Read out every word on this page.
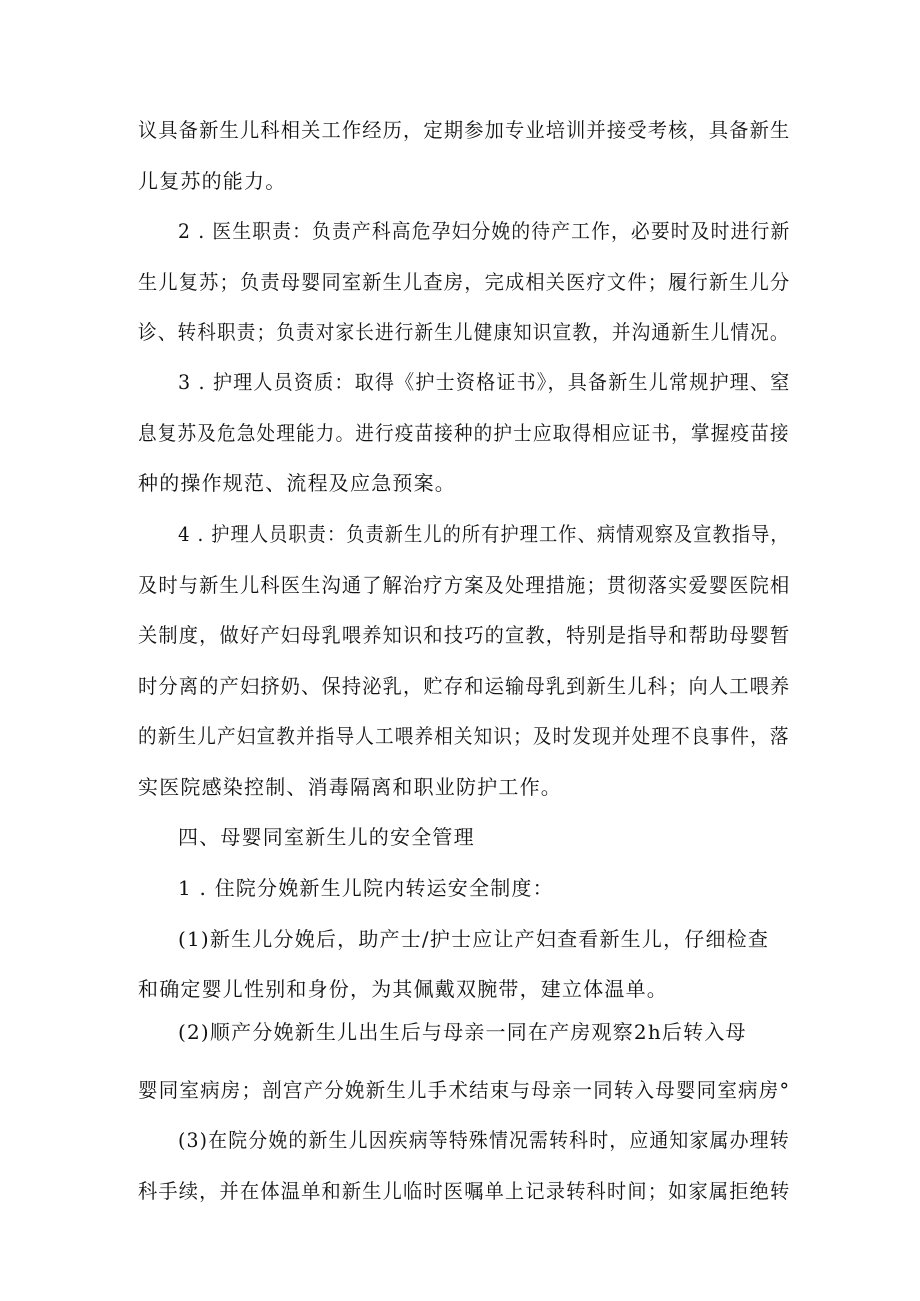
议具备新生儿科相关工作经历，定期参加专业培训并接受考核，具备新生
儿复苏的能力。
2 . 医生职责：负责产科高危孕妇分娩的待产工作，必要时及时进行新
生儿复苏；负责母婴同室新生儿查房，完成相关医疗文件；履行新生儿分
诊、转科职责；负责对家长进行新生儿健康知识宣教，并沟通新生儿情况。
3 . 护理人员资质：取得《护士资格证书》，具备新生儿常规护理、窒
息复苏及危急处理能力。进行疫苗接种的护士应取得相应证书，掌握疫苗接
种的操作规范、流程及应急预案。
4 . 护理人员职责：负责新生儿的所有护理工作、病情观察及宣教指导，
及时与新生儿科医生沟通了解治疗方案及处理措施；贯彻落实爱婴医院相
关制度，做好产妇母乳喂养知识和技巧的宣教，特别是指导和帮助母婴暂
时分离的产妇挤奶、保持泌乳，贮存和运输母乳到新生儿科；向人工喂养
的新生儿产妇宣教并指导人工喂养相关知识；及时发现并处理不良事件，落
实医院感染控制、消毒隔离和职业防护工作。
四、母婴同室新生儿的安全管理
1 . 住院分娩新生儿院内转运安全制度：
(1)新生儿分娩后，助产士/护士应让产妇查看新生儿，仔细检查
和确定婴儿性别和身份，为其佩戴双腕带，建立体温单。
(2)顺产分娩新生儿出生后与母亲一同在产房观察2h后转入母
婴同室病房；剖宫产分娩新生儿手术结束与母亲一同转入母婴同室病房°
(3)在院分娩的新生儿因疾病等特殊情况需转科时，应通知家属办理转
科手续，并在体温单和新生儿临时医嘱单上记录转科时间；如家属拒绝转
